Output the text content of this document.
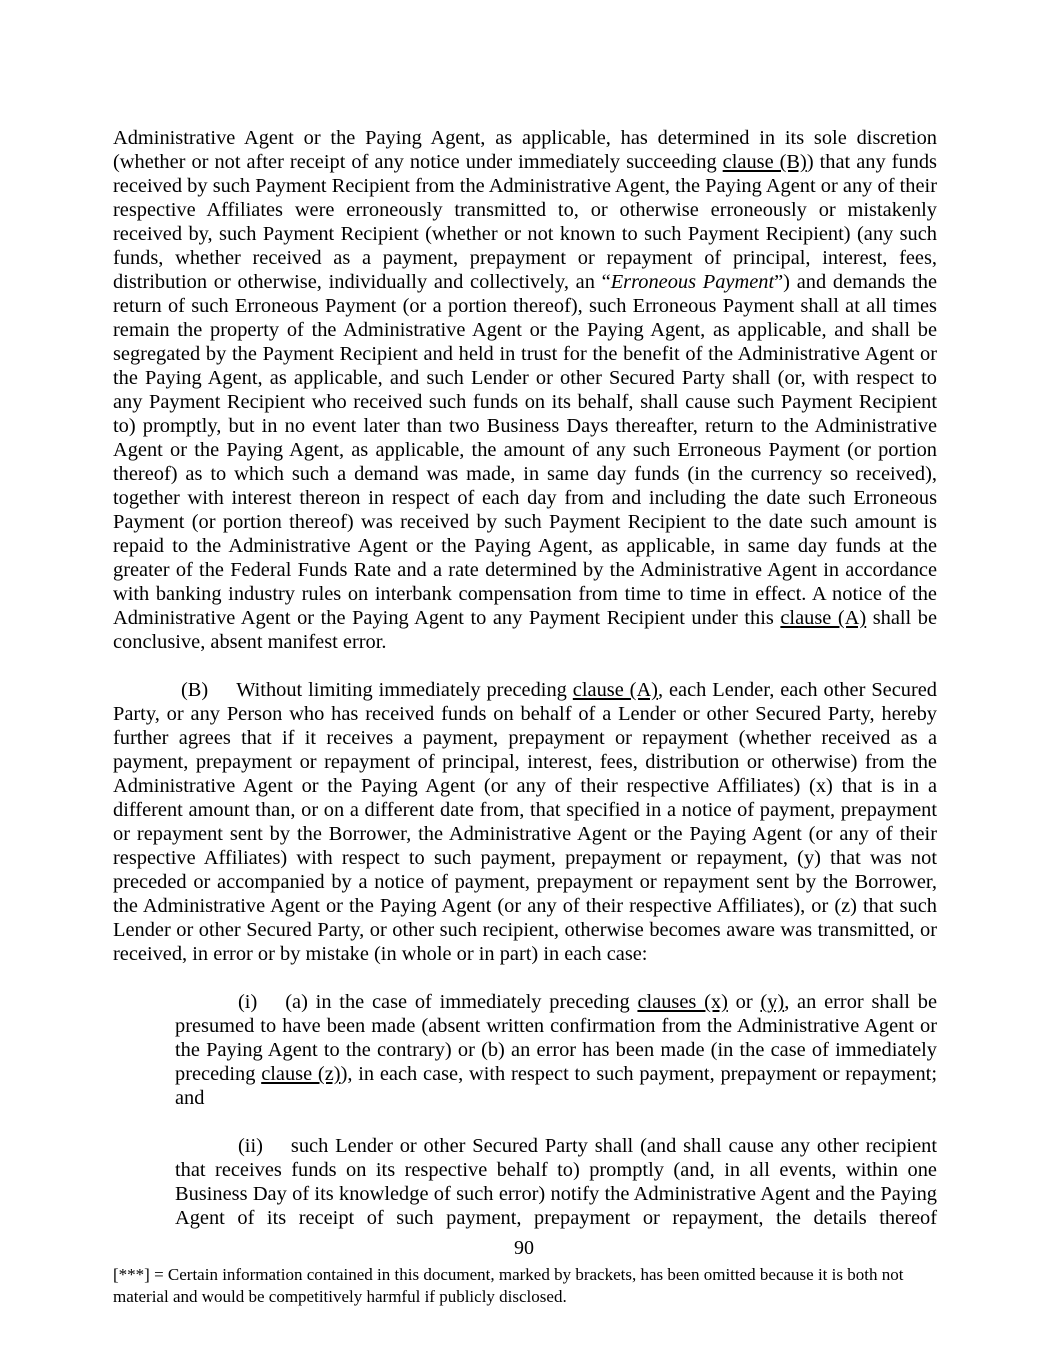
Administrative Agent or the Paying Agent, as applicable, has determined in its sole discretion (whether or not after receipt of any notice under immediately succeeding clause (B)) that any funds received by such Payment Recipient from the Administrative Agent, the Paying Agent or any of their respective Affiliates were erroneously transmitted to, or otherwise erroneously or mistakenly received by, such Payment Recipient (whether or not known to such Payment Recipient) (any such funds, whether received as a payment, prepayment or repayment of principal, interest, fees, distribution or otherwise, individually and collectively, an “Erroneous Payment”) and demands the return of such Erroneous Payment (or a portion thereof), such Erroneous Payment shall at all times remain the property of the Administrative Agent or the Paying Agent, as applicable, and shall be segregated by the Payment Recipient and held in trust for the benefit of the Administrative Agent or the Paying Agent, as applicable, and such Lender or other Secured Party shall (or, with respect to any Payment Recipient who received such funds on its behalf, shall cause such Payment Recipient to) promptly, but in no event later than two Business Days thereafter, return to the Administrative Agent or the Paying Agent, as applicable, the amount of any such Erroneous Payment (or portion thereof) as to which such a demand was made, in same day funds (in the currency so received), together with interest thereon in respect of each day from and including the date such Erroneous Payment (or portion thereof) was received by such Payment Recipient to the date such amount is repaid to the Administrative Agent or the Paying Agent, as applicable, in same day funds at the greater of the Federal Funds Rate and a rate determined by the Administrative Agent in accordance with banking industry rules on interbank compensation from time to time in effect. A notice of the Administrative Agent or the Paying Agent to any Payment Recipient under this clause (A) shall be conclusive, absent manifest error.

(B) Without limiting immediately preceding clause (A), each Lender, each other Secured Party, or any Person who has received funds on behalf of a Lender or other Secured Party, hereby further agrees that if it receives a payment, prepayment or repayment (whether received as a payment, prepayment or repayment of principal, interest, fees, distribution or otherwise) from the Administrative Agent or the Paying Agent (or any of their respective Affiliates) (x) that is in a different amount than, or on a different date from, that specified in a notice of payment, prepayment or repayment sent by the Borrower, the Administrative Agent or the Paying Agent (or any of their respective Affiliates) with respect to such payment, prepayment or repayment, (y) that was not preceded or accompanied by a notice of payment, prepayment or repayment sent by the Borrower, the Administrative Agent or the Paying Agent (or any of their respective Affiliates), or (z) that such Lender or other Secured Party, or other such recipient, otherwise becomes aware was transmitted, or received, in error or by mistake (in whole or in part) in each case:

(i) (a) in the case of immediately preceding clauses (x) or (y), an error shall be presumed to have been made (absent written confirmation from the Administrative Agent or the Paying Agent to the contrary) or (b) an error has been made (in the case of immediately preceding clause (z)), in each case, with respect to such payment, prepayment or repayment; and

(ii) such Lender or other Secured Party shall (and shall cause any other recipient that receives funds on its respective behalf to) promptly (and, in all events, within one Business Day of its knowledge of such error) notify the Administrative Agent and the Paying Agent of its receipt of such payment, prepayment or repayment, the details thereof

90
[***] = Certain information contained in this document, marked by brackets, has been omitted because it is both not material and would be competitively harmful if publicly disclosed.
